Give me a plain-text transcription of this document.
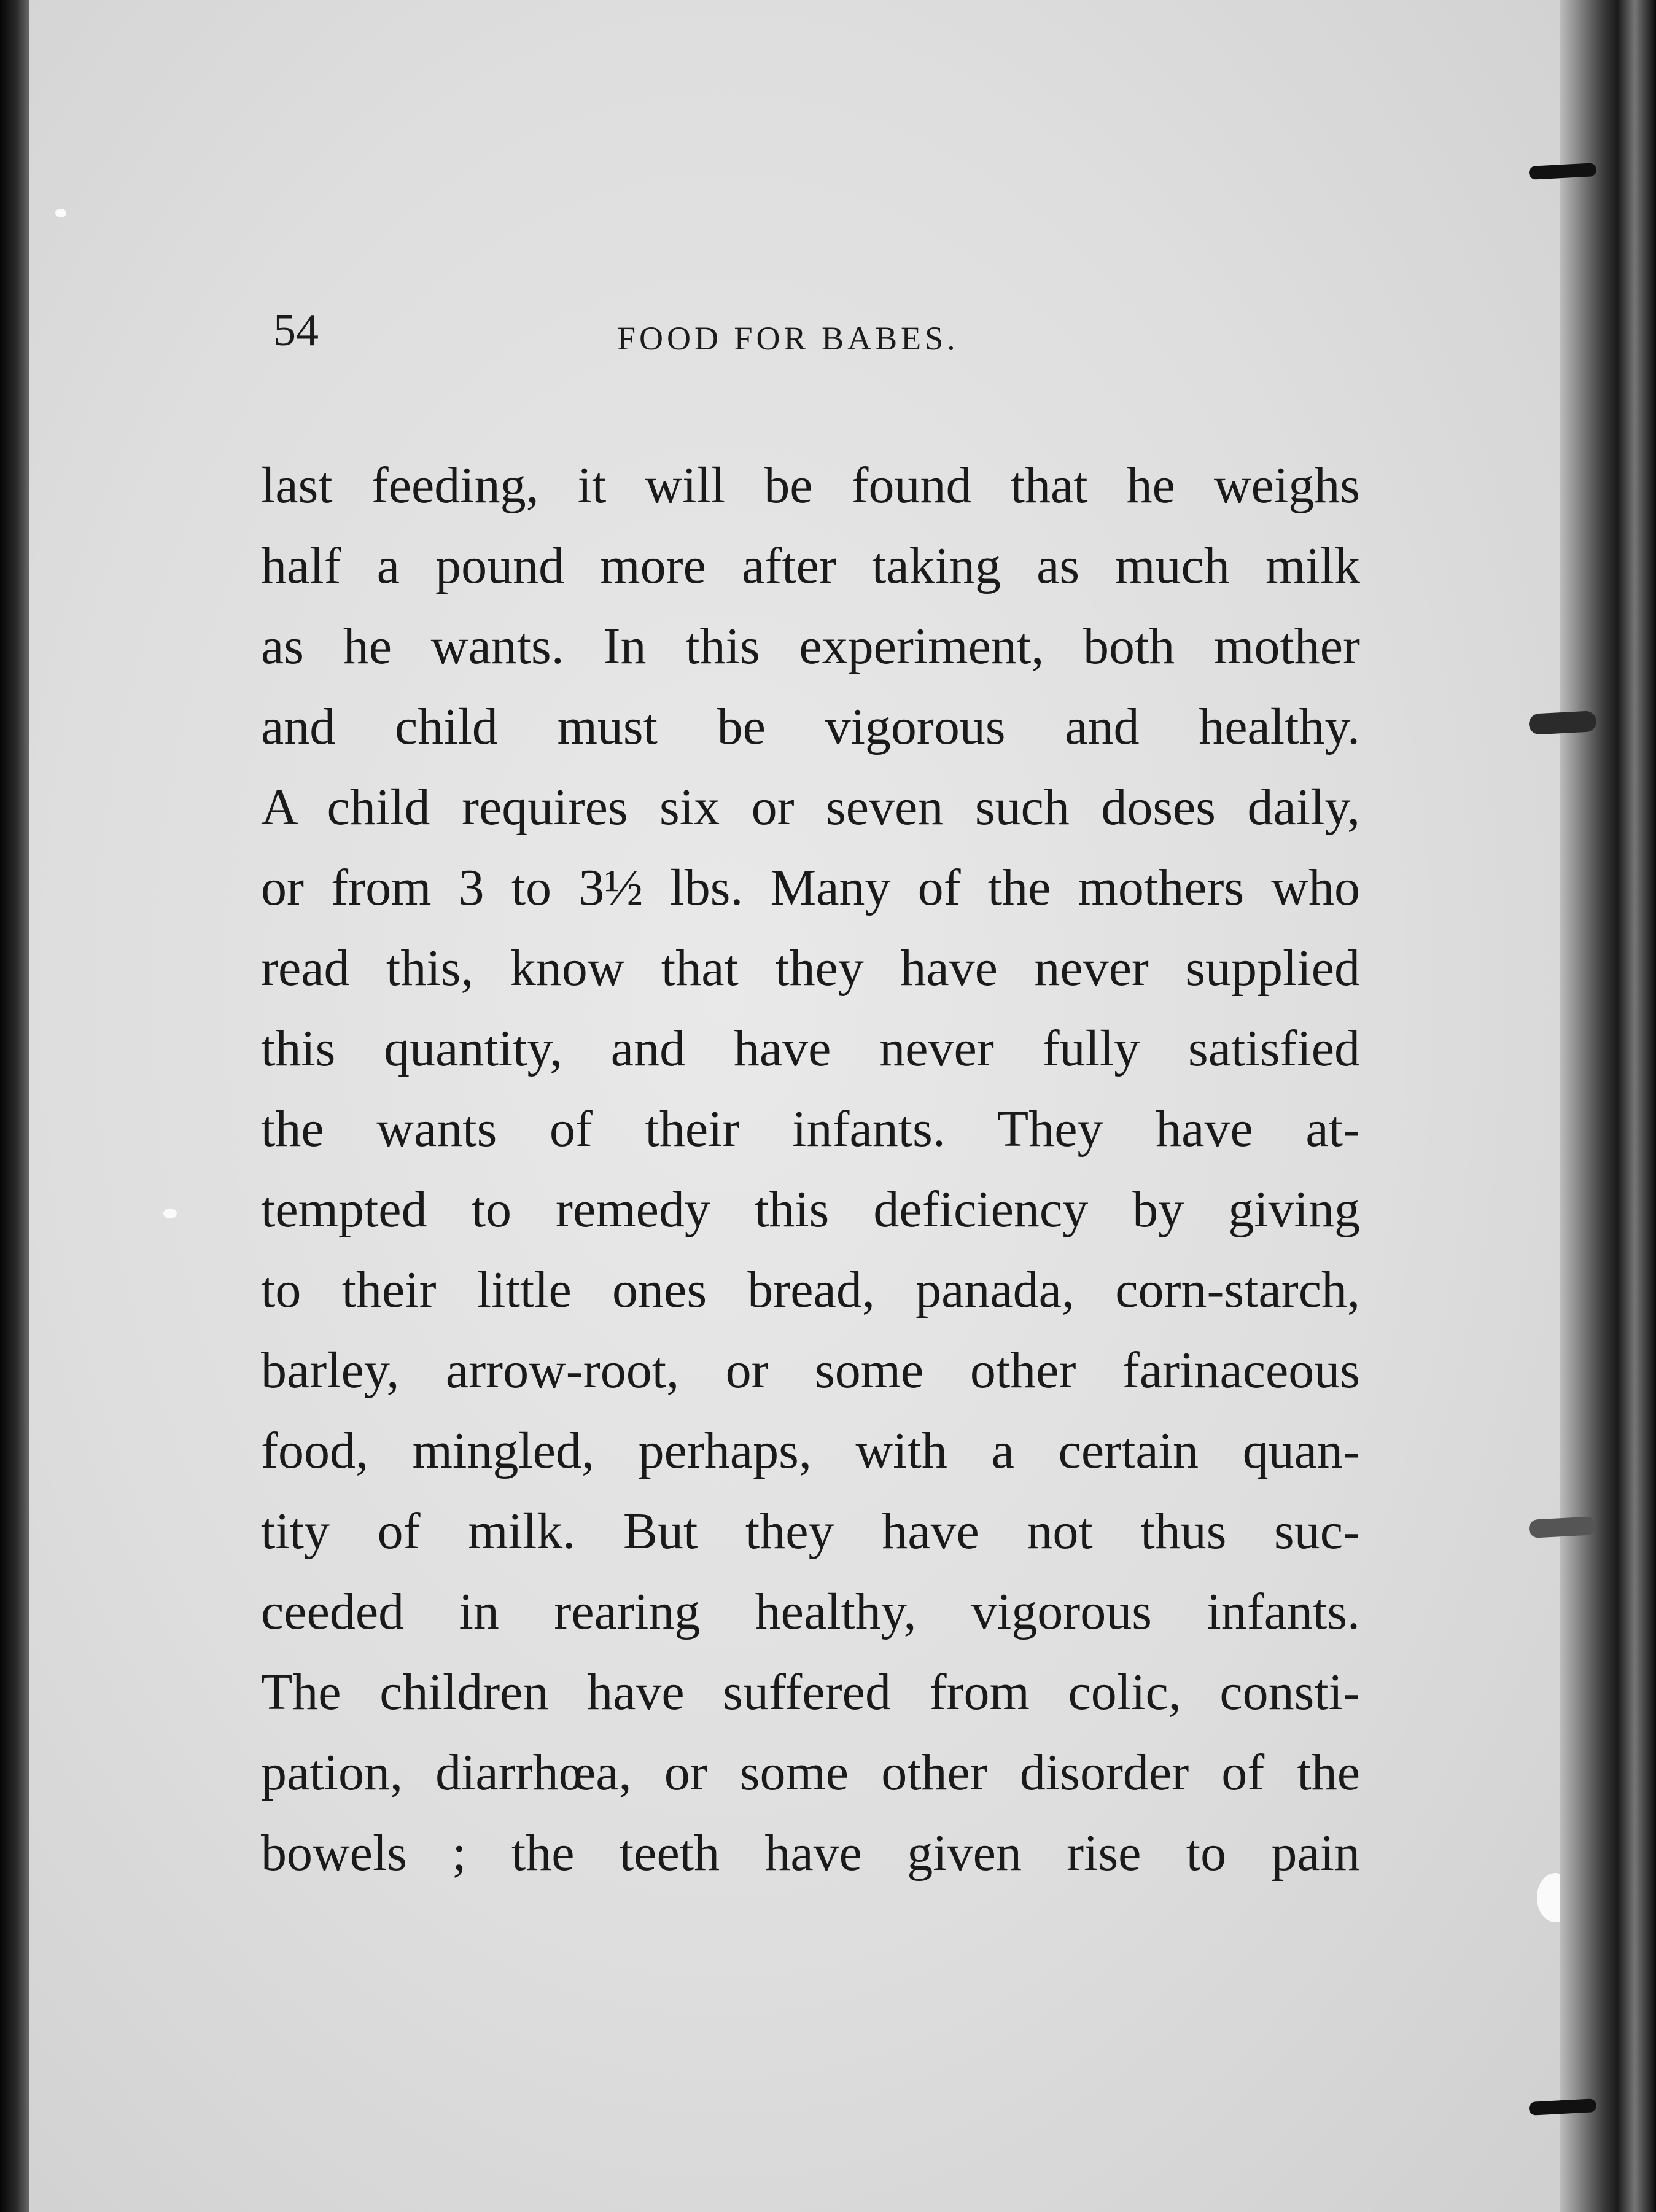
54	FOOD FOR BABES.
last feeding, it will be found that he weighs
half a pound more after taking as much milk
as he wants. In this experiment, both mother
and child must be vigorous and healthy.
A child requires six or seven such doses daily,
or from 3 to 3½ lbs. Many of the mothers who
read this, know that they have never supplied
this quantity, and have never fully satisfied
the wants of their infants. They have at-
tempted to remedy this deficiency by giving
to their little ones bread, panada, corn-starch,
barley, arrow-root, or some other farinaceous
food, mingled, perhaps, with a certain quan-
tity of milk. But they have not thus suc-
ceeded in rearing healthy, vigorous infants.
The children have suffered from colic, consti-
pation, diarrhœa, or some other disorder of the
bowels ; the teeth have given rise to pain
